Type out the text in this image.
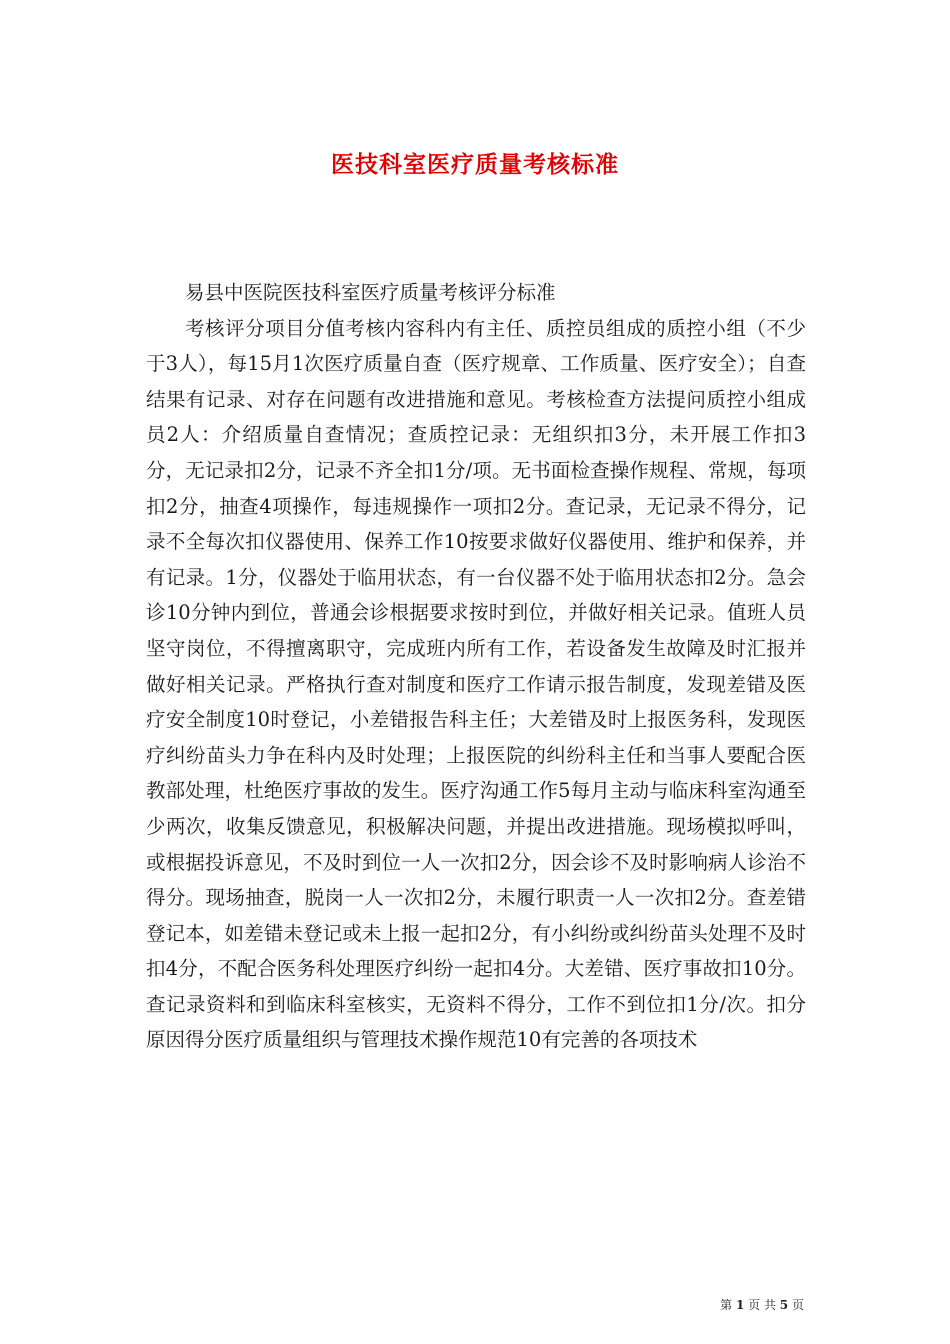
医技科室医疗质量考核标准

易县中医院医技科室医疗质量考核评分标准

考核评分项目分值考核内容科内有主任、质控员组成的质控小组（不少于3人），每15月1次医疗质量自查（医疗规章、工作质量、医疗安全）；自查结果有记录、对存在问题有改进措施和意见。考核检查方法提问质控小组成员2人：介绍质量自查情况；查质控记录：无组织扣3分，未开展工作扣3分，无记录扣2分，记录不齐全扣1分/项。无书面检查操作规程、常规，每项扣2分，抽查4项操作，每违规操作一项扣2分。查记录，无记录不得分，记录不全每次扣仪器使用、保养工作10按要求做好仪器使用、维护和保养，并有记录。1分，仪器处于临用状态，有一台仪器不处于临用状态扣2分。急会诊10分钟内到位，普通会诊根据要求按时到位，并做好相关记录。值班人员坚守岗位，不得擅离职守，完成班内所有工作，若设备发生故障及时汇报并做好相关记录。严格执行查对制度和医疗工作请示报告制度，发现差错及医疗安全制度10时登记，小差错报告科主任；大差错及时上报医务科，发现医疗纠纷苗头力争在科内及时处理；上报医院的纠纷科主任和当事人要配合医教部处理，杜绝医疗事故的发生。医疗沟通工作5每月主动与临床科室沟通至少两次，收集反馈意见，积极解决问题，并提出改进措施。现场模拟呼叫，或根据投诉意见，不及时到位一人一次扣2分，因会诊不及时影响病人诊治不得分。现场抽查，脱岗一人一次扣2分，未履行职责一人一次扣2分。查差错登记本，如差错未登记或未上报一起扣2分，有小纠纷或纠纷苗头处理不及时扣4分，不配合医务科处理医疗纠纷一起扣4分。大差错、医疗事故扣10分。查记录资料和到临床科室核实，无资料不得分，工作不到位扣1分/次。扣分原因得分医疗质量组织与管理技术操作规范10有完善的各项技术

第 1 页 共 5 页
